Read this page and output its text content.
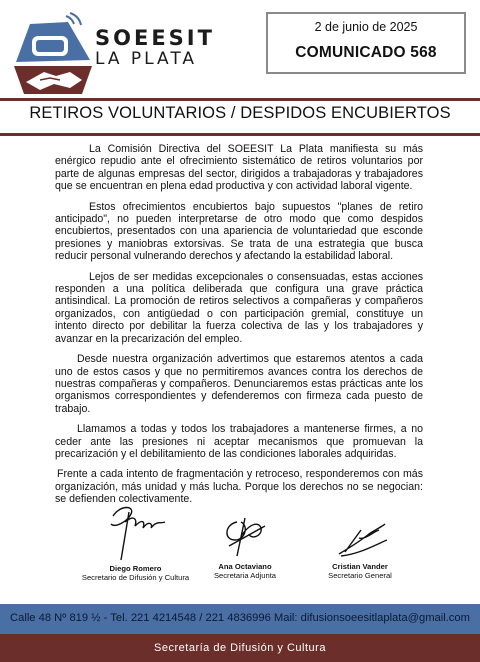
SOEESIT
LA PLATA
2 de junio de 2025
COMUNICADO 568
RETIROS VOLUNTARIOS / DESPIDOS ENCUBIERTOS

La Comisión Directiva del SOEESIT La Plata manifiesta su más enérgico repudio ante el ofrecimiento sistemático de retiros voluntarios por parte de algunas empresas del sector, dirigidos a trabajadoras y trabajadores que se encuentran en plena edad productiva y con actividad laboral vigente.

Estos ofrecimientos encubiertos bajo supuestos "planes de retiro anticipado", no pueden interpretarse de otro modo que como despidos encubiertos, presentados con una apariencia de voluntariedad que esconde presiones y maniobras extorsivas. Se trata de una estrategia que busca reducir personal vulnerando derechos y afectando la estabilidad laboral.

Lejos de ser medidas excepcionales o consensuadas, estas acciones responden a una política deliberada que configura una grave práctica antisindical. La promoción de retiros selectivos a compañeras y compañeros organizados, con antigüedad o con participación gremial, constituye un intento directo por debilitar la fuerza colectiva de las y los trabajadores y avanzar en la precarización del empleo.

Desde nuestra organización advertimos que estaremos atentos a cada uno de estos casos y que no permitiremos avances contra los derechos de nuestras compañeras y compañeros. Denunciaremos estas prácticas ante los organismos correspondientes y defenderemos con firmeza cada puesto de trabajo.

Llamamos a todas y todos los trabajadores a mantenerse firmes, a no ceder ante las presiones ni aceptar mecanismos que promuevan la precarización y el debilitamiento de las condiciones laborales adquiridas.

Frente a cada intento de fragmentación y retroceso, responderemos con más organización, más unidad y más lucha. Porque los derechos no se negocian: se defienden colectivamente.

Diego Romero
Secretario de Difusión y Cultura
Ana Octaviano
Secretaria Adjunta
Cristian Vander
Secretario General
Calle 48 Nº 819 ½ - Tel. 221 4214548 / 221 4836996 Mail: difusionsoeesitlaplata@gmail.com
Secretaría de Difusión y Cultura
